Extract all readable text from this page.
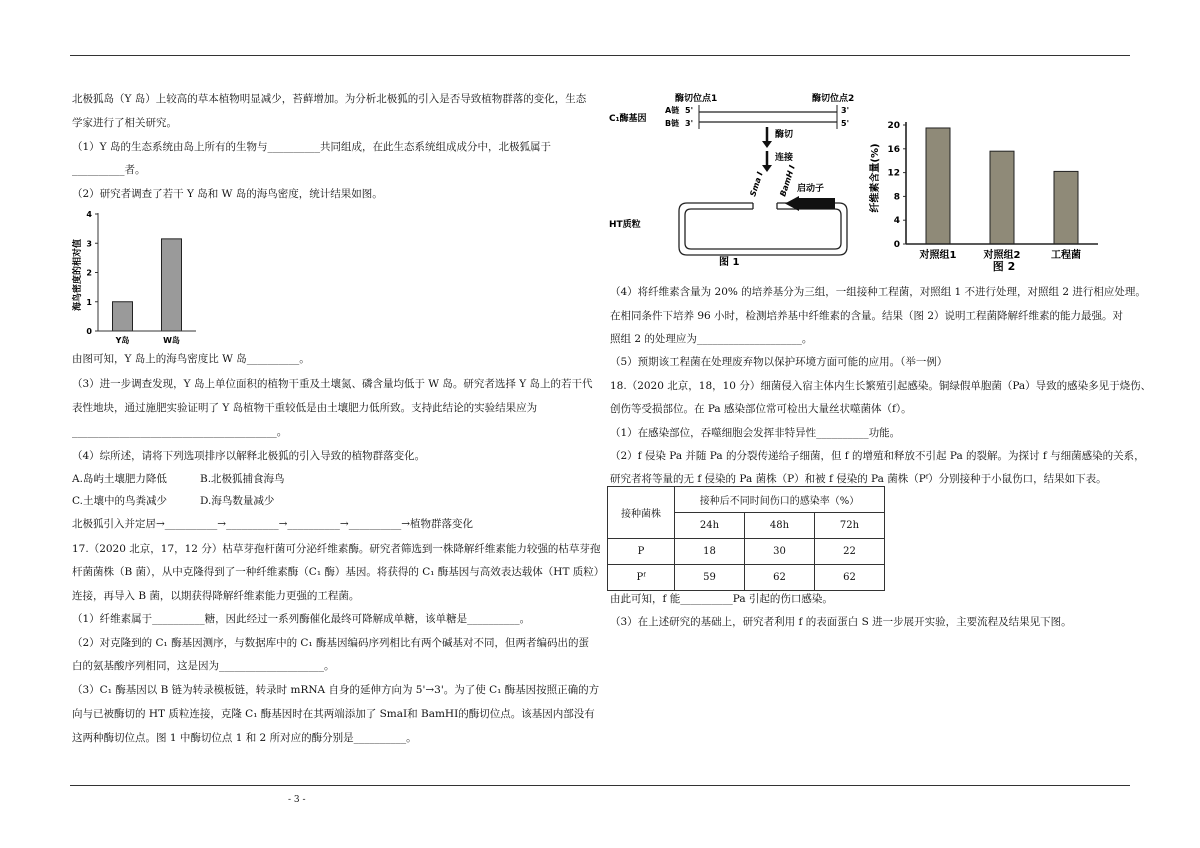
- 3 -
北极狐岛（Y 岛）上较高的草本植物明显减少，苔藓增加。为分析北极狐的引入是否导致植物群落的变化，生态
学家进行了相关研究。
（1）Y 岛的生态系统由岛上所有的生物与__________共同组成，在此生态系统组成成分中，北极狐属于
__________者。
（2）研究者调查了若干 Y 岛和 W 岛的海鸟密度，统计结果如图。
海鸟密度的相对值
0
1
2
3
4
Y岛	W岛
由图可知，Y 岛上的海鸟密度比 W 岛__________。
（3）进一步调查发现，Y 岛上单位面积的植物干重及土壤氮、磷含量均低于 W 岛。研究者选择 Y 岛上的若干代
表性地块，通过施肥实验证明了 Y 岛植物干重较低是由土壤肥力低所致。支持此结论的实验结果应为
_______________________________________。
（4）综所述，请将下列选项排序以解释北极狐的引入导致的植物群落变化。
A.岛屿土壤肥力降低	B.北极狐捕食海鸟
C.土壤中的鸟粪减少	D.海鸟数量减少
北极狐引入并定居→__________→__________→__________→__________→植物群落变化
17.（2020 北京，17，12 分）枯草芽孢杆菌可分泌纤维素酶。研究者筛选到一株降解纤维素能力较强的枯草芽孢
杆菌菌株（B 菌），从中克隆得到了一种纤维素酶（C₁ 酶）基因。将获得的 C₁ 酶基因与高效表达载体（HT 质粒）
连接，再导入 B 菌，以期获得降解纤维素能力更强的工程菌。
（1）纤维素属于__________糖，因此经过一系列酶催化最终可降解成单糖，该单糖是__________。
（2）对克隆到的 C₁ 酶基因测序，与数据库中的 C₁ 酶基因编码序列相比有两个碱基对不同，但两者编码出的蛋
白的氨基酸序列相同，这是因为____________________。
（3）C₁ 酶基因以 B 链为转录模板链，转录时 mRNA 自身的延伸方向为 5'→3'。为了使 C₁ 酶基因按照正确的方
向与已被酶切的 HT 质粒连接，克隆 C₁ 酶基因时在其两端添加了 SmaⅠ和 BamHⅠ的酶切位点。该基因内部没有
这两种酶切位点。图 1 中酶切位点 1 和 2 所对应的酶分别是__________。
酶切位点1	酶切位点2
C₁酶基因
A链
B链
5'
3'
3'
5'
酶切
连接
Sma Ⅰ BamH Ⅰ 启动子
HT质粒
图 1
纤维素含量(%)
0
4
8
12
16
20
对照组1	对照组2	工程菌
图 2
（4）将纤维素含量为 20% 的培养基分为三组，一组接种工程菌，对照组 1 不进行处理，对照组 2 进行相应处理。
在相同条件下培养 96 小时，检测培养基中纤维素的含量。结果（图 2）说明工程菌降解纤维素的能力最强。对
照组 2 的处理应为____________________。
（5）预期该工程菌在处理废弃物以保护环境方面可能的应用。（举一例）
18.（2020 北京，18，10 分）细菌侵入宿主体内生长繁殖引起感染。铜绿假单胞菌（Pa）导致的感染多见于烧伤、
创伤等受损部位。在 Pa 感染部位常可检出大量丝状噬菌体（f）。
（1）在感染部位，吞噬细胞会发挥非特异性__________功能。
（2）f 侵染 Pa 并随 Pa 的分裂传递给子细菌，但 f 的增殖和释放不引起 Pa 的裂解。为探讨 f 与细菌感染的关系，
研究者将等量的无 f 侵染的 Pa 菌株（P）和被 f 侵染的 Pa 菌株（Pᶠ）分别接种于小鼠伤口，结果如下表。
接种菌株	接种后不同时间伤口的感染率（%）		
	24h	48h	72h
P	18	30	22
Pᶠ	59	62	62
由此可知，f 能__________Pa 引起的伤口感染。
（3）在上述研究的基础上，研究者利用 f 的表面蛋白 S 进一步展开实验，主要流程及结果见下图。
